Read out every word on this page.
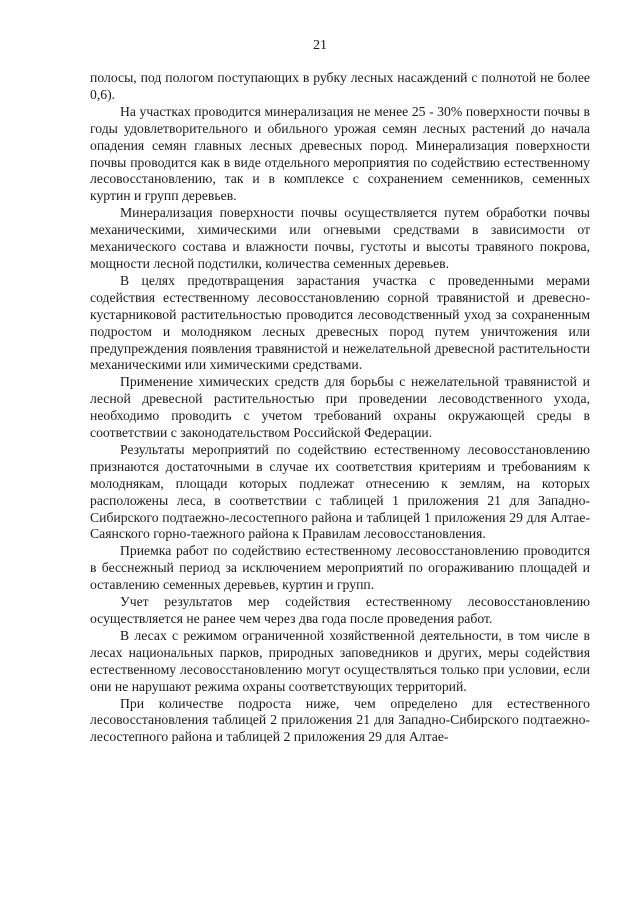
21

полосы, под пологом поступающих в рубку лесных насаждений с полнотой не более 0,6).

На участках проводится минерализация не менее 25 - 30% поверхности почвы в годы удовлетворительного и обильного урожая семян лесных растений до начала опадения семян главных лесных древесных пород. Минерализация поверхности почвы проводится как в виде отдельного мероприятия по содействию естественному лесовосстановлению, так и в комплексе с сохранением семенников, семенных куртин и групп деревьев.

Минерализация поверхности почвы осуществляется путем обработки почвы механическими, химическими или огневыми средствами в зависимости от механического состава и влажности почвы, густоты и высоты травяного покрова, мощности лесной подстилки, количества семенных деревьев.

В целях предотвращения зарастания участка с проведенными мерами содействия естественному лесовосстановлению сорной травянистой и древесно-кустарниковой растительностью проводится лесоводственный уход за сохраненным подростом и молодняком лесных древесных пород путем уничтожения или предупреждения появления травянистой и нежелательной древесной растительности механическими или химическими средствами.

Применение химических средств для борьбы с нежелательной травянистой и лесной древесной растительностью при проведении лесоводственного ухода, необходимо проводить с учетом требований охраны окружающей среды в соответствии с законодательством Российской Федерации.

Результаты мероприятий по содействию естественному лесовосстановлению признаются достаточными в случае их соответствия критериям и требованиям к молоднякам, площади которых подлежат отнесению к землям, на которых расположены леса, в соответствии с таблицей 1 приложения 21 для Западно-Сибирского подтаежно-лесостепного района и таблицей 1 приложения 29 для Алтае-Саянского горно-таежного района к Правилам лесовосстановления.

Приемка работ по содействию естественному лесовосстановлению проводится в бесснежный период за исключением мероприятий по огораживанию площадей и оставлению семенных деревьев, куртин и групп.

Учет результатов мер содействия естественному лесовосстановлению осуществляется не ранее чем через два года после проведения работ.

В лесах с режимом ограниченной хозяйственной деятельности, в том числе в лесах национальных парков, природных заповедников и других, меры содействия естественному лесовосстановлению могут осуществляться только при условии, если они не нарушают режима охраны соответствующих территорий.

При количестве подроста ниже, чем определено для естественного лесовосстановления таблицей 2 приложения 21 для Западно-Сибирского подтаежно-лесостепного района и таблицей 2 приложения 29 для Алтае-
